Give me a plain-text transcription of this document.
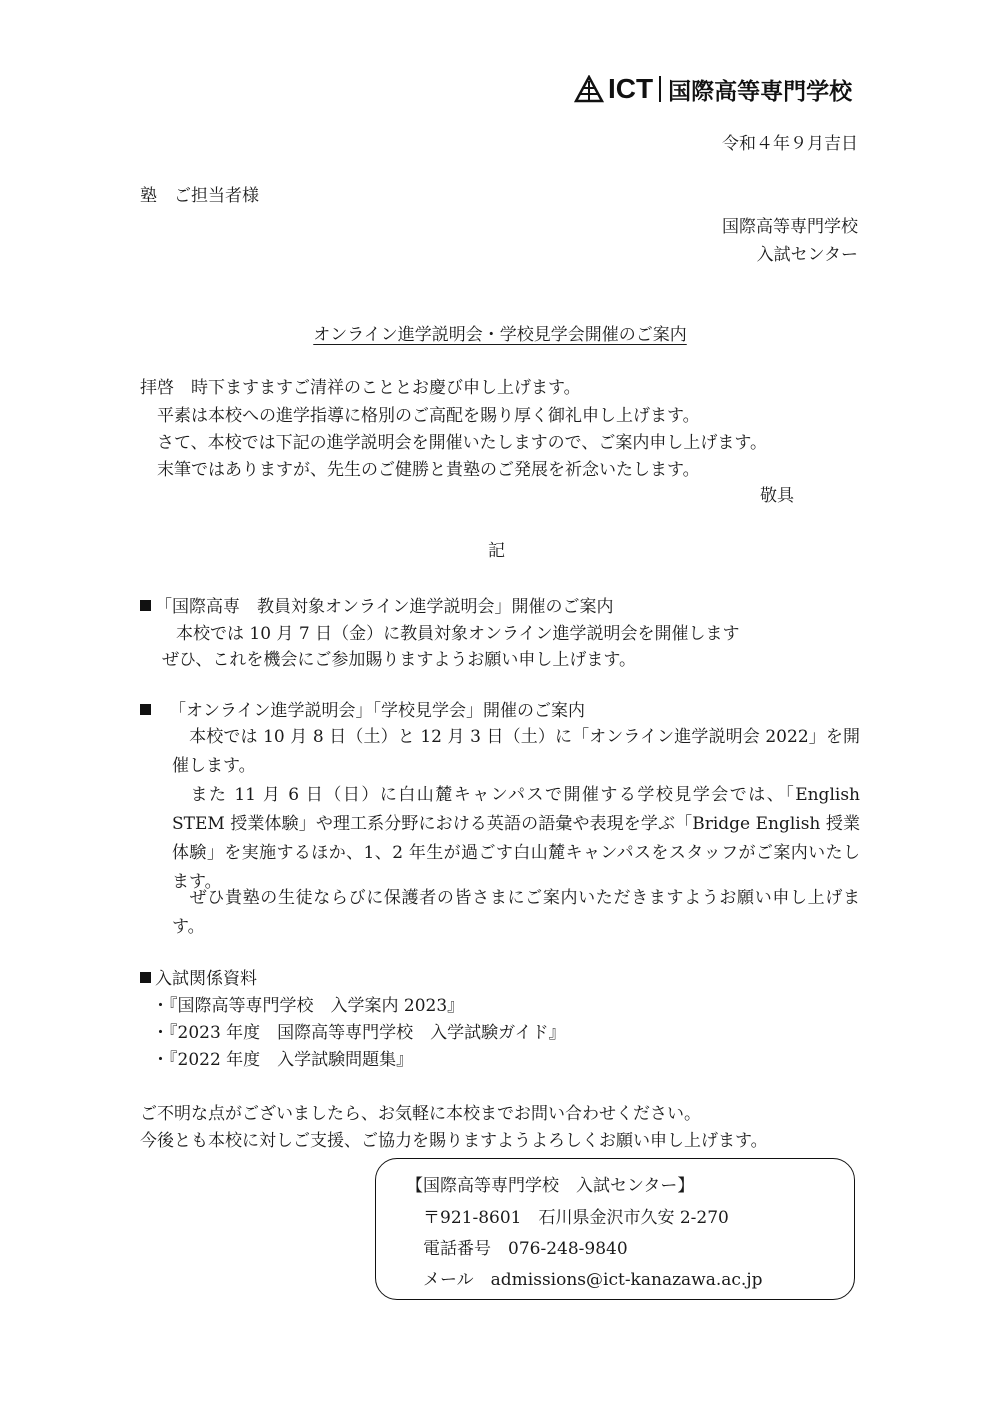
ICT 国際高等専門学校
令和４年９月吉日
塾　ご担当者様
国際高等専門学校
入試センター
オンライン進学説明会・学校見学会開催のご案内
拝啓　時下ますますご清祥のこととお慶び申し上げます。
　平素は本校への進学指導に格別のご高配を賜り厚く御礼申し上げます。
　さて、本校では下記の進学説明会を開催いたしますので、ご案内申し上げます。
　末筆ではありますが、先生のご健勝と貴塾のご発展を祈念いたします。
敬具
記
「国際高専　教員対象オンライン進学説明会」開催のご案内
本校では 10 月 7 日（金）に教員対象オンライン進学説明会を開催します
ぜひ、これを機会にご参加賜りますようお願い申し上げます。
「オンライン進学説明会」「学校見学会」開催のご案内
　本校では 10 月 8 日（土）と 12 月 3 日（土）に「オンライン進学説明会 2022」を開催します。
　また 11 月 6 日（日）に白山麓キャンパスで開催する学校見学会では、「English STEM 授業体験」や理工系分野における英語の語彙や表現を学ぶ「Bridge English 授業体験」を実施するほか、1、2 年生が過ごす白山麓キャンパスをスタッフがご案内いたします。
　ぜひ貴塾の生徒ならびに保護者の皆さまにご案内いただきますようお願い申し上げます。
入試関係資料
・『国際高等専門学校　入学案内 2023』
・『2023 年度　国際高等専門学校　入学試験ガイド』
・『2022 年度　入学試験問題集』
ご不明な点がございましたら、お気軽に本校までお問い合わせください。
今後とも本校に対しご支援、ご協力を賜りますようよろしくお願い申し上げます。
【国際高等専門学校　入試センター】
〒921-8601　石川県金沢市久安 2-270
電話番号　076-248-9840
メール　admissions@ict-kanazawa.ac.jp
